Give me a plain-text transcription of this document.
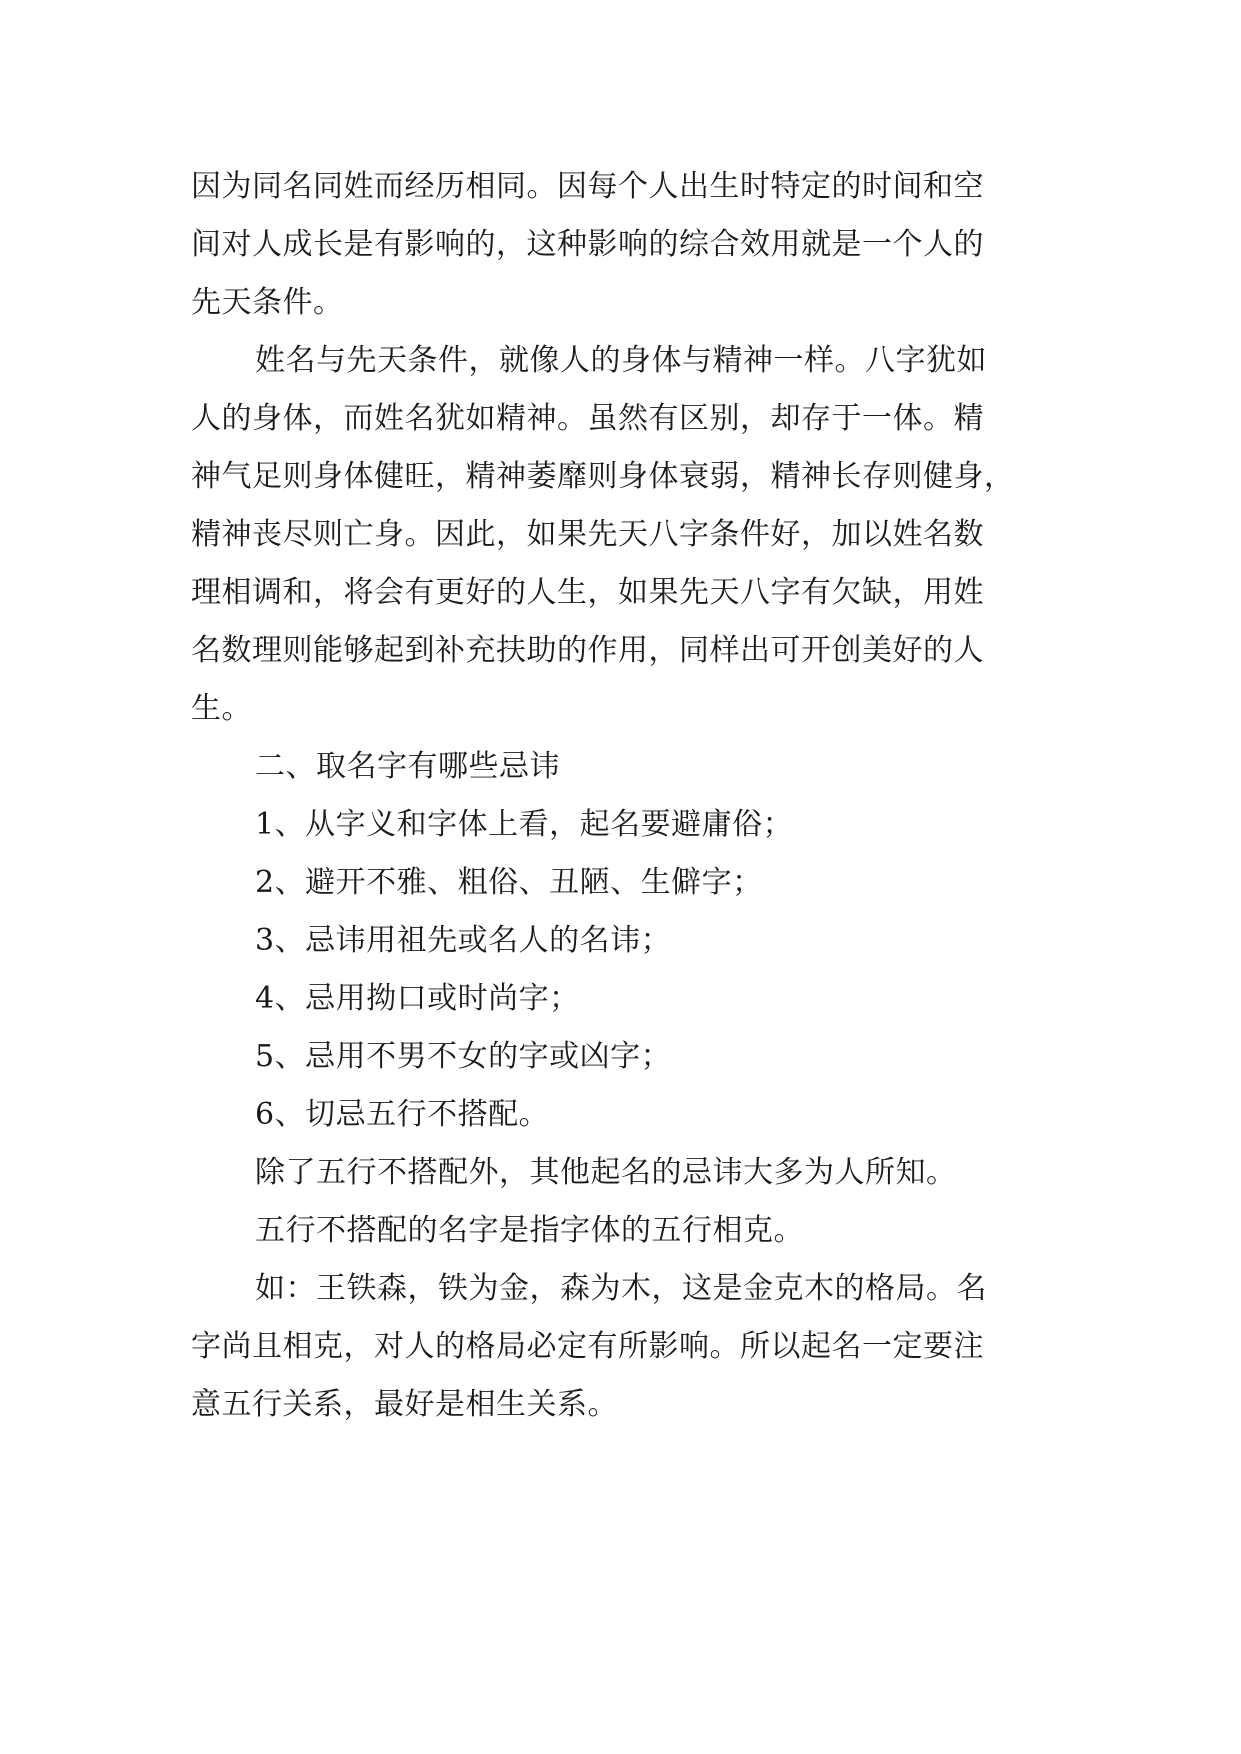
因为同名同姓而经历相同。因每个人出生时特定的时间和空
间对人成长是有影响的，这种影响的综合效用就是一个人的
先天条件。
姓名与先天条件，就像人的身体与精神一样。八字犹如
人的身体，而姓名犹如精神。虽然有区别，却存于一体。精
神气足则身体健旺，精神萎靡则身体衰弱，精神长存则健身，
精神丧尽则亡身。因此，如果先天八字条件好，加以姓名数
理相调和，将会有更好的人生，如果先天八字有欠缺，用姓
名数理则能够起到补充扶助的作用，同样出可开创美好的人
生。
二、取名字有哪些忌讳
1、从字义和字体上看，起名要避庸俗；
2、避开不雅、粗俗、丑陋、生僻字；
3、忌讳用祖先或名人的名讳；
4、忌用拗口或时尚字；
5、忌用不男不女的字或凶字；
6、切忌五行不搭配。
除了五行不搭配外，其他起名的忌讳大多为人所知。
五行不搭配的名字是指字体的五行相克。
如：王铁森，铁为金，森为木，这是金克木的格局。名
字尚且相克，对人的格局必定有所影响。所以起名一定要注
意五行关系，最好是相生关系。
